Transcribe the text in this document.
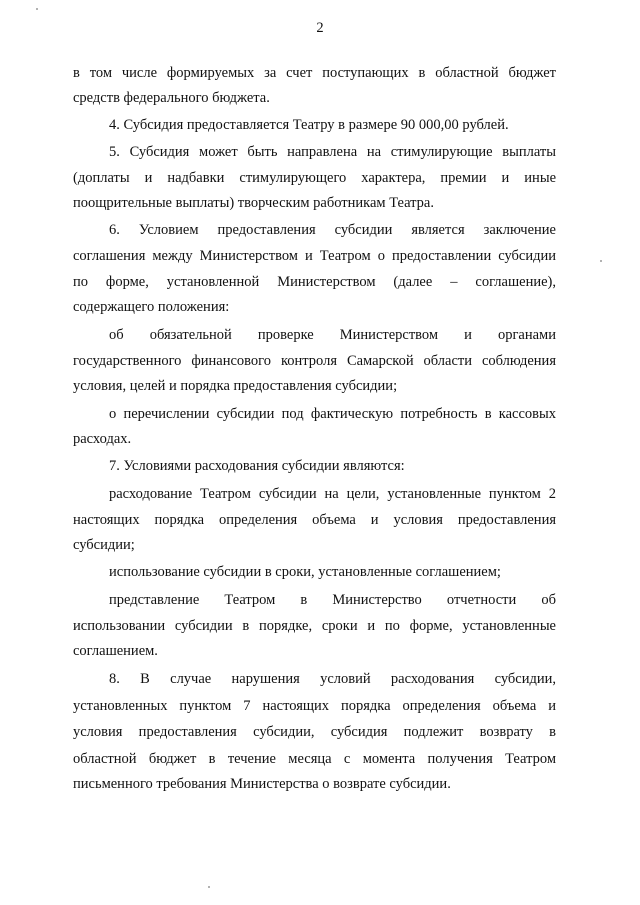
2
в том числе формируемых за счет поступающих в областной бюджет
средств федерального бюджета.
4. Субсидия предоставляется Театру в размере 90 000,00 рублей.
5. Субсидия может быть направлена на стимулирующие выплаты
(доплаты и надбавки стимулирующего характера, премии и иные
поощрительные выплаты) творческим работникам Театра.
6. Условием предоставления субсидии является заключение
соглашения между Министерством и Театром о предоставлении субсидии
по форме, установленной Министерством (далее – соглашение),
содержащего положения:
об обязательной проверке Министерством и органами
государственного финансового контроля Самарской области соблюдения
условия, целей и порядка предоставления субсидии;
о перечислении субсидии под фактическую потребность в кассовых
расходах.
7. Условиями расходования субсидии являются:
расходование Театром субсидии на цели, установленные пунктом 2
настоящих порядка определения объема и условия предоставления
субсидии;
использование субсидии в сроки, установленные соглашением;
представление Театром в Министерство отчетности об
использовании субсидии в порядке, сроки и по форме, установленные
соглашением.
8. В случае нарушения условий расходования субсидии,
установленных пунктом 7 настоящих порядка определения объема и
условия предоставления субсидии, субсидия подлежит возврату в
областной бюджет в течение месяца с момента получения Театром
письменного требования Министерства о возврате субсидии.
